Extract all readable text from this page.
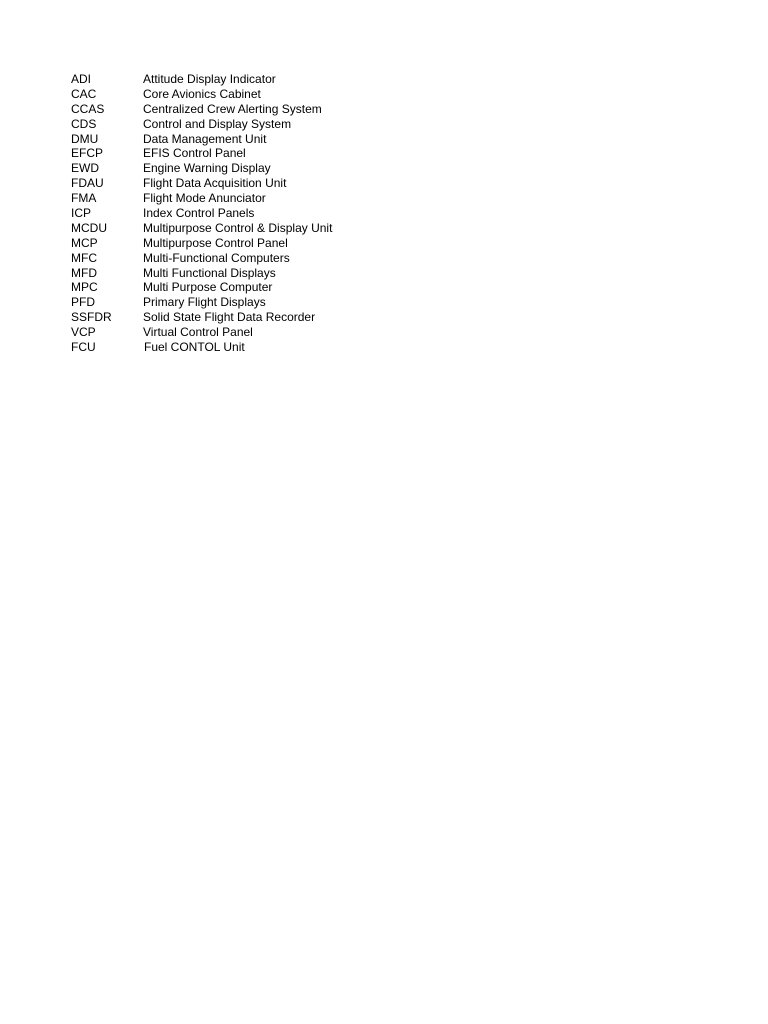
ADI	Attitude Display Indicator
CAC	Core Avionics Cabinet
CCAS	Centralized Crew Alerting System
CDS	Control and Display System
DMU	Data Management Unit
EFCP	EFIS Control Panel
EWD	Engine Warning Display
FDAU	Flight Data Acquisition Unit
FMA	Flight Mode Anunciator
ICP	Index Control Panels
MCDU	Multipurpose Control & Display Unit
MCP	Multipurpose Control Panel
MFC	Multi-Functional Computers
MFD	Multi Functional Displays
MPC	Multi Purpose Computer
PFD	Primary Flight Displays
SSFDR	Solid State Flight Data Recorder
VCP	Virtual Control Panel
FCU	Fuel CONTOL Unit
